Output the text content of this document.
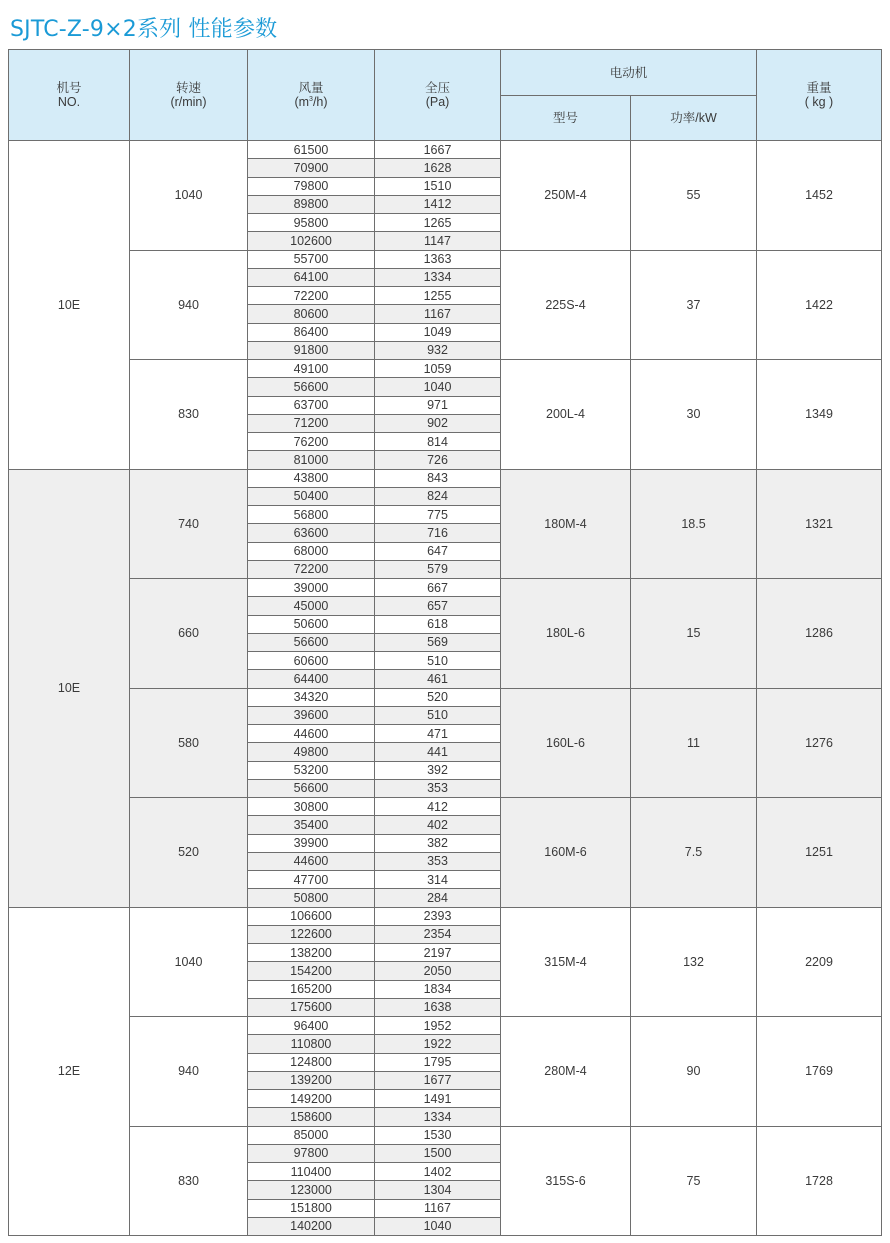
SJTC-Z-9×2系列 性能参数
机号
NO.
转速
(r/min)
风量
$(m^3/h)$
全压
(Pa)
电动机
型号	功率/kW
重量
( kg )
10E
1040	250M-4	55	1452
61500	1667
70900	1628
79800	1510
89800	1412
95800	1265
102600	1147
940	225S-4	37	1422
55700	1363
64100	1334
72200	1255
80600	1167
86400	1049
91800	932
830	200L-4	30	1349
49100	1059
56600	1040
63700	971
71200	902
76200	814
81000	726
10E
740	180M-4	18.5	1321
43800	843
50400	824
56800	775
63600	716
68000	647
72200	579
660	180L-6	15	1286
39000	667
45000	657
50600	618
56600	569
60600	510
64400	461
580	160L-6	11	1276
34320	520
39600	510
44600	471
49800	441
53200	392
56600	353
520	160M-6	7.5	1251
30800	412
35400	402
39900	382
44600	353
47700	314
50800	284
12E
1040	315M-4	132	2209
106600	2393
122600	2354
138200	2197
154200	2050
165200	1834
175600	1638
940	280M-4	90	1769
96400	1952
110800	1922
124800	1795
139200	1677
149200	1491
158600	1334
830	315S-6	75	1728
85000	1530
97800	1500
110400	1402
123000	1304
151800	1167
140200	1040
